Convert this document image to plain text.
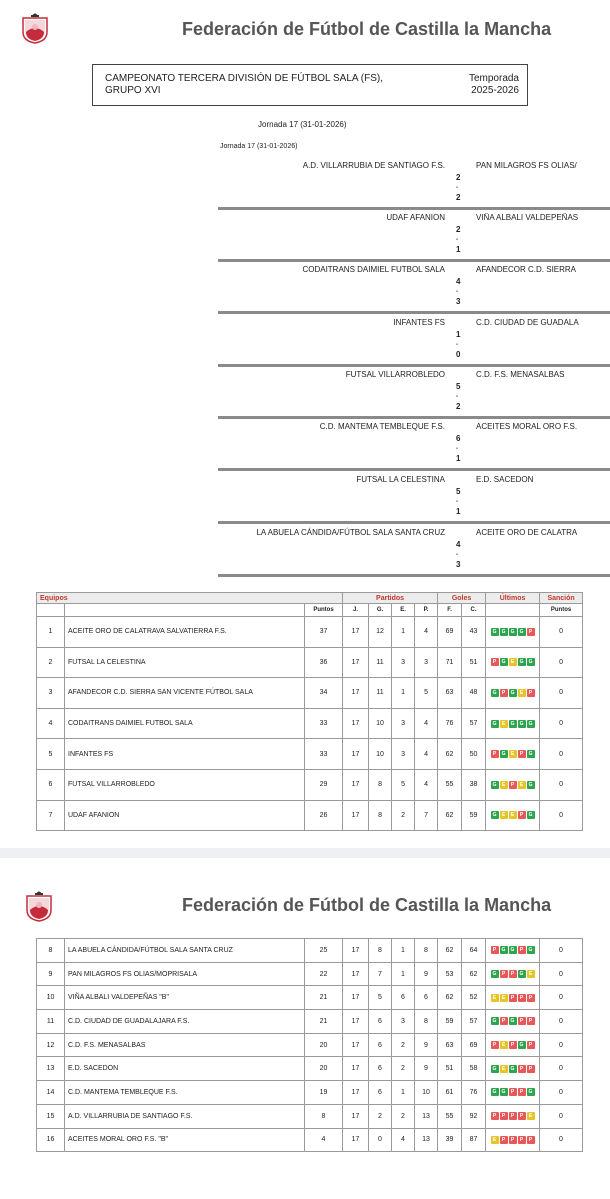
Federación de Fútbol de Castilla la Mancha
CAMPEONATO TERCERA DIVISIÓN DE FÚTBOL SALA (FS),
GRUPO XVI
Temporada
2025-2026
Jornada 17 (31-01-2026)
Jornada 17 (31-01-2026)
A.D. VILLARRUBIA DE SANTIAGO F.S.	PAN MILAGROS FS OLIAS/
2
-
2
UDAF AFANION	VIÑA ALBALI VALDEPEÑAS
2
-
1
CODAITRANS DAIMIEL FUTBOL SALA	AFANDECOR C.D. SIERRA
4
-
3
INFANTES FS	C.D. CIUDAD DE GUADALA
1
-
0
FUTSAL VILLARROBLEDO	C.D. F.S. MENASALBAS
5
-
2
C.D. MANTEMA TEMBLEQUE F.S.	ACEITES MORAL ORO F.S.
6
-
1
FUTSAL LA CELESTINA	E.D. SACEDON
5
-
1
LA ABUELA CÁNDIDA/FÚTBOL SALA SANTA CRUZ	ACEITE ORO DE CALATRA
4
-
3
Equipos			Partidos				Goles		Últimos	Sanción
		Puntos	J.	G.	E.	P.	F.	C.		Puntos
1	ACEITE ORO DE CALATRAVA SALVATIERRA F.S.	37	17	12	1	4	69	43	G G G G P	0
2	FUTSAL LA CELESTINA	36	17	11	3	3	71	51	P G E G G	0
3	AFANDECOR C.D. SIERRA SAN VICENTE FÚTBOL SALA	34	17	11	1	5	63	48	G P G E P	0
4	CODAITRANS DAIMIEL FUTBOL SALA	33	17	10	3	4	76	57	G E G G G	0
5	INFANTES FS	33	17	10	3	4	62	50	P G E P G	0
6	FUTSAL VILLARROBLEDO	29	17	8	5	4	55	38	G E P E G	0
7	UDAF AFANION	26	17	8	2	7	62	59	G E E P G	0
Federación de Fútbol de Castilla la Mancha
8	LA ABUELA CÁNDIDA/FÚTBOL SALA SANTA CRUZ	25	17	8	1	8	62	64	P G G P G	0
9	PAN MILAGROS FS OLIAS/MOPRISALA	22	17	7	1	9	53	62	G P P G E	0
10	VIÑA ALBALI VALDEPEÑAS "B"	21	17	5	6	6	62	52	E E P P P	0
11	C.D. CIUDAD DE GUADALAJARA F.S.	21	17	6	3	8	59	57	G P G P P	0
12	C.D. F.S. MENASALBAS	20	17	6	2	9	63	69	P E P G P	0
13	E.D. SACEDON	20	17	6	2	9	51	58	G E G P P	0
14	C.D. MANTEMA TEMBLEQUE F.S.	19	17	6	1	10	61	76	G G P P G	0
15	A.D. VILLARRUBIA DE SANTIAGO F.S.	8	17	2	2	13	55	92	P P P P E	0
16	ACEITES MORAL ORO F.S. "B"	4	17	0	4	13	39	87	E P P P P	0
